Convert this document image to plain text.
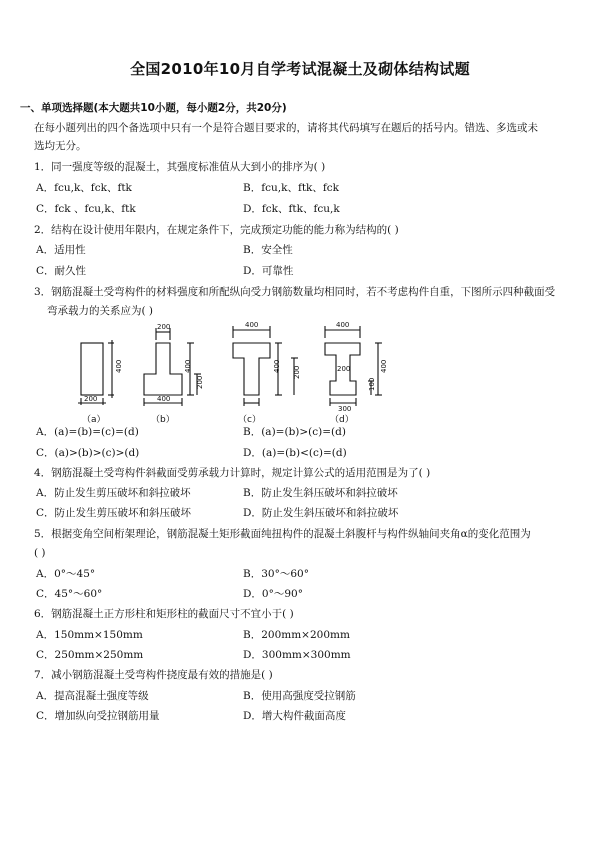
全国2010年10月自学考试混凝土及砌体结构试题
一、单项选择题(本大题共10小题，每小题2分，共20分)
在每小题列出的四个备选项中只有一个是符合题目要求的，请将其代码填写在题后的括号内。错选、多选或未
选均无分。
1．同一强度等级的混凝土，其强度标准值从大到小的排序为( )
A．fcu,k、fck、ftk	B．fcu,k、ftk、fck
C．fck 、fcu,k、ftk	D．fck、ftk、fcu,k
2．结构在设计使用年限内，在规定条件下，完成预定功能的能力称为结构的( )
A．适用性	B．安全性
C．耐久性	D．可靠性
3．钢筋混凝土受弯构件的材料强度和所配纵向受力钢筋数量均相同时，若不考虑构件自重，下图所示四种截面受
弯承载力的关系应为( )
200
400
200
400
400
200
400
400 200
400
200
300
400
100
（a）	（b）	（c）	（d）
A．(a)=(b)=(c)=(d)	B．(a)=(b)>(c)=(d)
C．(a)>(b)>(c)>(d)	D．(a)=(b)<(c)=(d)
4．钢筋混凝土受弯构件斜截面受剪承载力计算时，规定计算公式的适用范围是为了( )
A．防止发生剪压破坏和斜拉破坏	B．防止发生斜压破坏和斜拉破坏
C．防止发生剪压破坏和斜压破坏	D．防止发生斜压破坏和斜拉破坏
5．根据变角空间桁架理论，钢筋混凝土矩形截面纯扭构件的混凝土斜腹杆与构件纵轴间夹角α的变化范围为
( )
A．0°～45°	B．30°～60°
C．45°～60°	D．0°～90°
6．钢筋混凝土正方形柱和矩形柱的截面尺寸不宜小于( )
A．150mm×150mm	B．200mm×200mm
C．250mm×250mm	D．300mm×300mm
7．减小钢筋混凝土受弯构件挠度最有效的措施是( )
A．提高混凝土强度等级	B．使用高强度受拉钢筋
C．增加纵向受拉钢筋用量	D．增大构件截面高度
